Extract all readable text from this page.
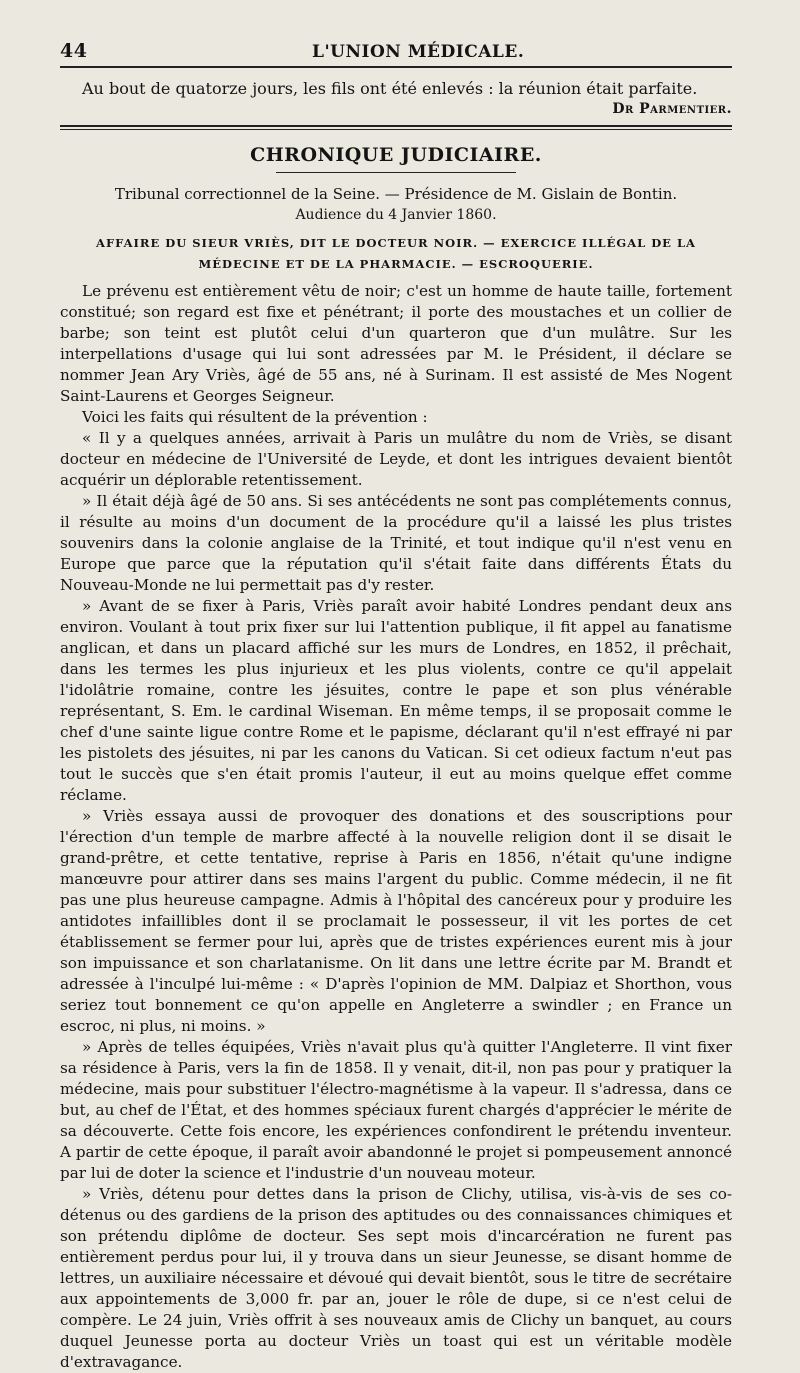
44	L'UNION MÉDICALE.

Au bout de quatorze jours, les fils ont été enlevés : la réunion était parfaite.

Dr Parmentier.
CHRONIQUE JUDICIAIRE.
Tribunal correctionnel de la Seine. — Présidence de M. Gislain de Bontin.
Audience du 4 Janvier 1860.
AFFAIRE DU SIEUR VRIÈS, DIT LE DOCTEUR NOIR. — EXERCICE ILLÉGAL DE LA
MÉDECINE ET DE LA PHARMACIE. — ESCROQUERIE.

Le prévenu est entièrement vêtu de noir; c'est un homme de haute taille, fortement constitué; son regard est fixe et pénétrant; il porte des moustaches et un collier de barbe; son teint est plutôt celui d'un quarteron que d'un mulâtre. Sur les interpellations d'usage qui lui sont adressées par M. le Président, il déclare se nommer Jean Ary Vriès, âgé de 55 ans, né à Surinam. Il est assisté de Mes Nogent Saint-Laurens et Georges Seigneur.

Voici les faits qui résultent de la prévention :

« Il y a quelques années, arrivait à Paris un mulâtre du nom de Vriès, se disant docteur en médecine de l'Université de Leyde, et dont les intrigues devaient bientôt acquérir un déplorable retentissement.

» Il était déjà âgé de 50 ans. Si ses antécédents ne sont pas complétements connus, il résulte au moins d'un document de la procédure qu'il a laissé les plus tristes souvenirs dans la colonie anglaise de la Trinité, et tout indique qu'il n'est venu en Europe que parce que la réputation qu'il s'était faite dans différents États du Nouveau-Monde ne lui permettait pas d'y rester.

» Avant de se fixer à Paris, Vriès paraît avoir habité Londres pendant deux ans environ. Voulant à tout prix fixer sur lui l'attention publique, il fit appel au fanatisme anglican, et dans un placard affiché sur les murs de Londres, en 1852, il prêchait, dans les termes les plus injurieux et les plus violents, contre ce qu'il appelait l'idolâtrie romaine, contre les jésuites, contre le pape et son plus vénérable représentant, S. Em. le cardinal Wiseman. En même temps, il se proposait comme le chef d'une sainte ligue contre Rome et le papisme, déclarant qu'il n'est effrayé ni par les pistolets des jésuites, ni par les canons du Vatican. Si cet odieux factum n'eut pas tout le succès que s'en était promis l'auteur, il eut au moins quelque effet comme réclame.

» Vriès essaya aussi de provoquer des donations et des souscriptions pour l'érection d'un temple de marbre affecté à la nouvelle religion dont il se disait le grand-prêtre, et cette tentative, reprise à Paris en 1856, n'était qu'une indigne manœuvre pour attirer dans ses mains l'argent du public. Comme médecin, il ne fit pas une plus heureuse campagne. Admis à l'hôpital des cancéreux pour y produire les antidotes infaillibles dont il se proclamait le possesseur, il vit les portes de cet établissement se fermer pour lui, après que de tristes expériences eurent mis à jour son impuissance et son charlatanisme. On lit dans une lettre écrite par M. Brandt et adressée à l'inculpé lui-même : « D'après l'opinion de MM. Dalpiaz et Shorthon, vous seriez tout bonnement ce qu'on appelle en Angleterre a swindler ; en France un escroc, ni plus, ni moins. »

» Après de telles équipées, Vriès n'avait plus qu'à quitter l'Angleterre. Il vint fixer sa résidence à Paris, vers la fin de 1858. Il y venait, dit-il, non pas pour y pratiquer la médecine, mais pour substituer l'électro-magnétisme à la vapeur. Il s'adressa, dans ce but, au chef de l'État, et des hommes spéciaux furent chargés d'apprécier le mérite de sa découverte. Cette fois encore, les expériences confondirent le prétendu inventeur. A partir de cette époque, il paraît avoir abandonné le projet si pompeusement annoncé par lui de doter la science et l'industrie d'un nouveau moteur.

» Vriès, détenu pour dettes dans la prison de Clichy, utilisa, vis-à-vis de ses co-détenus ou des gardiens de la prison des aptitudes ou des connaissances chimiques et son prétendu diplôme de docteur. Ses sept mois d'incarcération ne furent pas entièrement perdus pour lui, il y trouva dans un sieur Jeunesse, se disant homme de lettres, un auxiliaire nécessaire et dévoué qui devait bientôt, sous le titre de secrétaire aux appointements de 3,000 fr. par an, jouer le rôle de dupe, si ce n'est celui de compère. Le 24 juin, Vriès offrit à ses nouveaux amis de Clichy un banquet, au cours duquel Jeunesse porta au docteur Vriès un toast qui est un véritable modèle d'extravagance.
